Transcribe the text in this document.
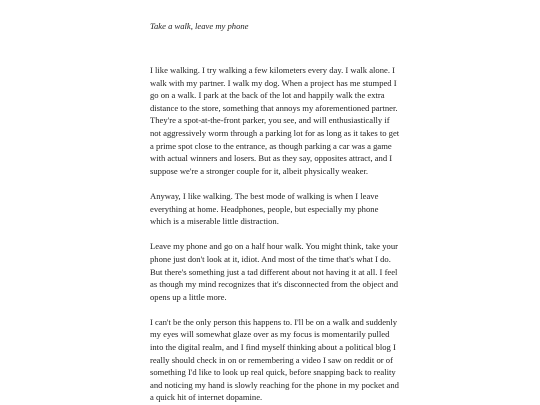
Take a walk, leave my phone

I like walking. I try walking a few kilometers every day. I walk alone. I walk with my partner. I walk my dog. When a project has me stumped I go on a walk. I park at the back of the lot and happily walk the extra distance to the store, something that annoys my aforementioned partner. They're a spot-at-the-front parker, you see, and will enthusiastically if not aggressively worm through a parking lot for as long as it takes to get a prime spot close to the entrance, as though parking a car was a game with actual winners and losers. But as they say, opposites attract, and I suppose we're a stronger couple for it, albeit physically weaker.

Anyway, I like walking. The best mode of walking is when I leave everything at home. Headphones, people, but especially my phone which is a miserable little distraction.

Leave my phone and go on a half hour walk. You might think, take your phone just don't look at it, idiot. And most of the time that's what I do. But there's something just a tad different about not having it at all. I feel as though my mind recognizes that it's disconnected from the object and opens up a little more.

I can't be the only person this happens to. I'll be on a walk and suddenly my eyes will somewhat glaze over as my focus is momentarily pulled into the digital realm, and I find myself thinking about a political blog I really should check in on or remembering a video I saw on reddit or of something I'd like to look up real quick, before snapping back to reality and noticing my hand is slowly reaching for the phone in my pocket and a quick hit of internet dopamine.
